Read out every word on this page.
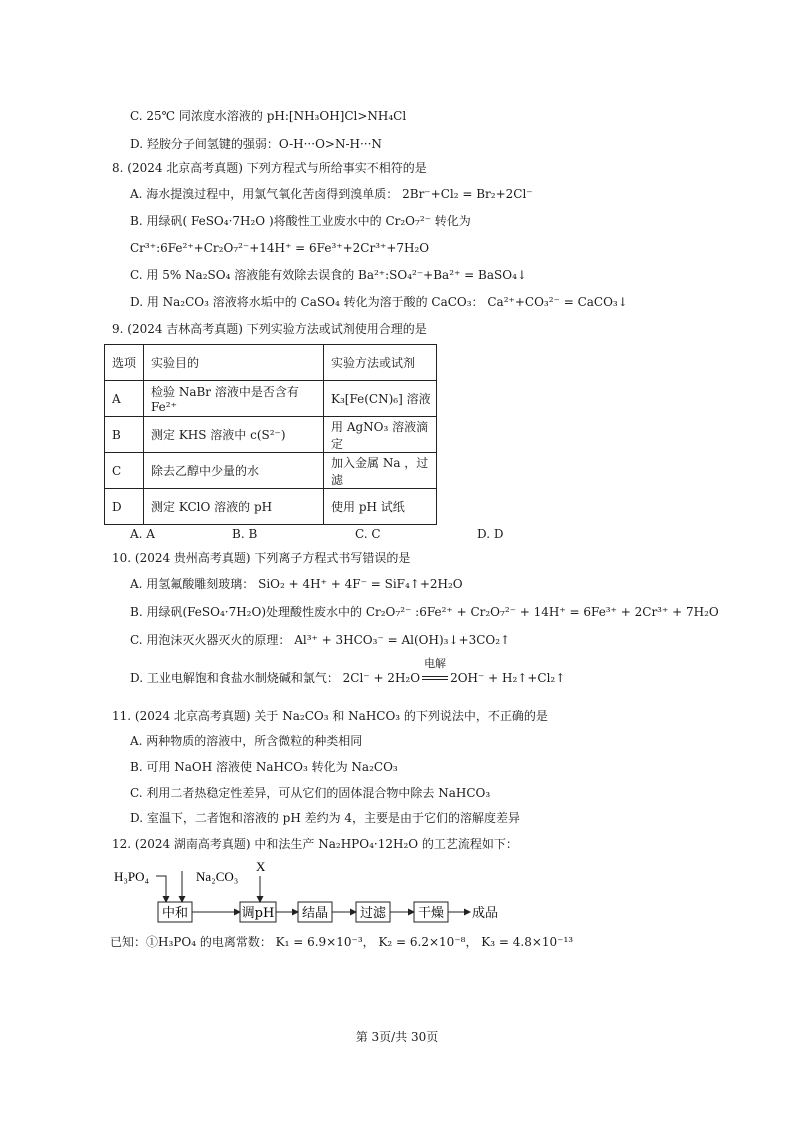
C. 25℃ 同浓度水溶液的 pH:[NH₃OH]Cl>NH₄Cl
D. 羟胺分子间氢键的强弱：O-H···O>N-H···N
8. (2024 北京高考真题) 下列方程式与所给事实不相符的是
A. 海水提溴过程中，用氯气氧化苦卤得到溴单质： 2Br⁻+Cl₂ = Br₂+2Cl⁻
B. 用绿矾( FeSO₄·7H₂O )将酸性工业废水中的 Cr₂O₇²⁻ 转化为
Cr³⁺:6Fe²⁺+Cr₂O₇²⁻+14H⁺ = 6Fe³⁺+2Cr³⁺+7H₂O
C. 用 5% Na₂SO₄ 溶液能有效除去误食的 Ba²⁺:SO₄²⁻+Ba²⁺ = BaSO₄↓
D. 用 Na₂CO₃ 溶液将水垢中的 CaSO₄ 转化为溶于酸的 CaCO₃： Ca²⁺+CO₃²⁻ = CaCO₃↓
9. (2024 吉林高考真题) 下列实验方法或试剂使用合理的是
选项	实验目的	实验方法或试剂
A	检验 NaBr 溶液中是否含有 Fe²⁺	K₃[Fe(CN)₆] 溶液
B	测定 KHS 溶液中 c(S²⁻)	用 AgNO₃ 溶液滴定
C	除去乙醇中少量的水	加入金属 Na ，过滤
D	测定 KClO 溶液的 pH	使用 pH 试纸
A. A	B. B	C. C	D. D
10. (2024 贵州高考真题) 下列离子方程式书写错误的是
A. 用氢氟酸雕刻玻璃： SiO₂ + 4H⁺ + 4F⁻ = SiF₄↑+2H₂O
B. 用绿矾(FeSO₄·7H₂O)处理酸性废水中的 Cr₂O₇²⁻ :6Fe²⁺ + Cr₂O₇²⁻ + 14H⁺ = 6Fe³⁺ + 2Cr³⁺ + 7H₂O
C. 用泡沫灭火器灭火的原理： Al³⁺ + 3HCO₃⁻ = Al(OH)₃↓+3CO₂↑
D. 工业电解饱和食盐水制烧碱和氯气： 2Cl⁻ + 2H₂O
电解
2OH⁻ + H₂↑+Cl₂↑
11. (2024 北京高考真题) 关于 Na₂CO₃ 和 NaHCO₃ 的下列说法中，不正确的是
A. 两种物质的溶液中，所含微粒的种类相同
B. 可用 NaOH 溶液使 NaHCO₃ 转化为 Na₂CO₃
C. 利用二者热稳定性差异，可从它们的固体混合物中除去 NaHCO₃
D. 室温下，二者饱和溶液的 pH 差约为 4，主要是由于它们的溶解度差异
12. (2024 湖南高考真题) 中和法生产 Na₂HPO₄·12H₂O 的工艺流程如下：
H₃PO₄	Na₂CO₃
X
中和	调pH 结晶 过滤 干燥 成品
已知：①H₃PO₄ 的电离常数： K₁ = 6.9×10⁻³， K₂ = 6.2×10⁻⁸， K₃ = 4.8×10⁻¹³
第 3页/共 30页
